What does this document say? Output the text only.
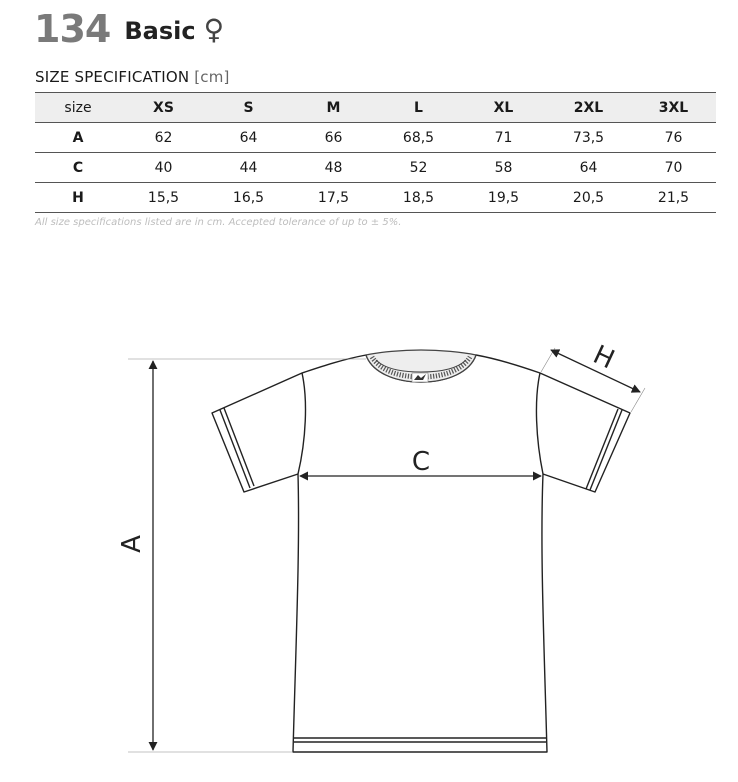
134 Basic ♀
SIZE SPECIFICATION [cm]
size	XS	S	M	L	XL	2XL	3XL
A	62	64	66	68,5	71	73,5	76
C	40	44	48	52	58	64	70
H	15,5	16,5	17,5	18,5	19,5	20,5	21,5
All size specifications listed are in cm. Accepted tolerance of up to ± 5%.
A
C
H
